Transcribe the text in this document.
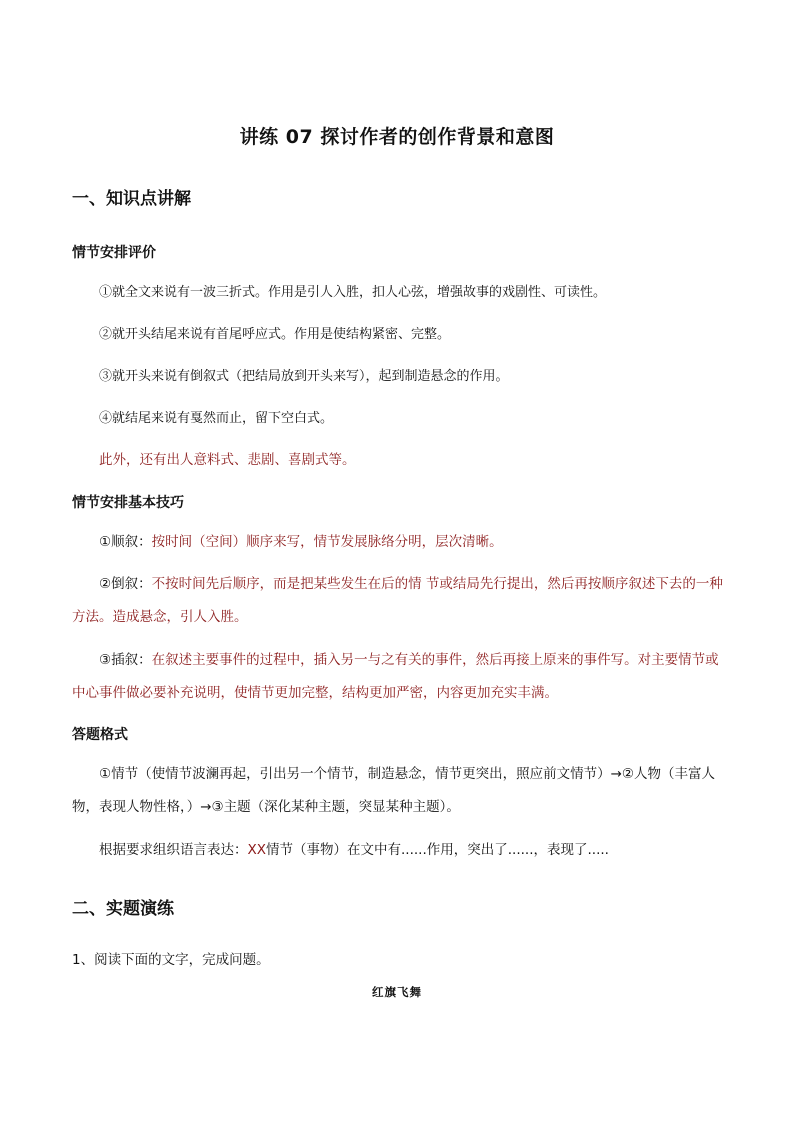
讲练 07 探讨作者的创作背景和意图
一、知识点讲解
情节安排评价
①就全文来说有一波三折式。作用是引人入胜，扣人心弦，增强故事的戏剧性、可读性。
②就开头结尾来说有首尾呼应式。作用是使结构紧密、完整。
③就开头来说有倒叙式（把结局放到开头来写），起到制造悬念的作用。
④就结尾来说有戛然而止，留下空白式。
此外，还有出人意料式、悲剧、喜剧式等。
情节安排基本技巧
①顺叙：按时间（空间）顺序来写，情节发展脉络分明，层次清晰。
②倒叙：不按时间先后顺序，而是把某些发生在后的情 节或结局先行提出，然后再按顺序叙述下去的一种方法。造成悬念，引人入胜。
③插叙：在叙述主要事件的过程中，插入另一与之有关的事件，然后再接上原来的事件写。对主要情节或中心事件做必要补充说明，使情节更加完整，结构更加严密，内容更加充实丰满。
答题格式
①情节（使情节波澜再起，引出另一个情节，制造悬念，情节更突出，照应前文情节）→②人物（丰富人物，表现人物性格，）→③主题（深化某种主题，突显某种主题）。
根据要求组织语言表达：XX情节（事物）在文中有......作用，突出了......，表现了.....
二、实题演练
1、阅读下面的文字，完成问题。
红旗飞舞
